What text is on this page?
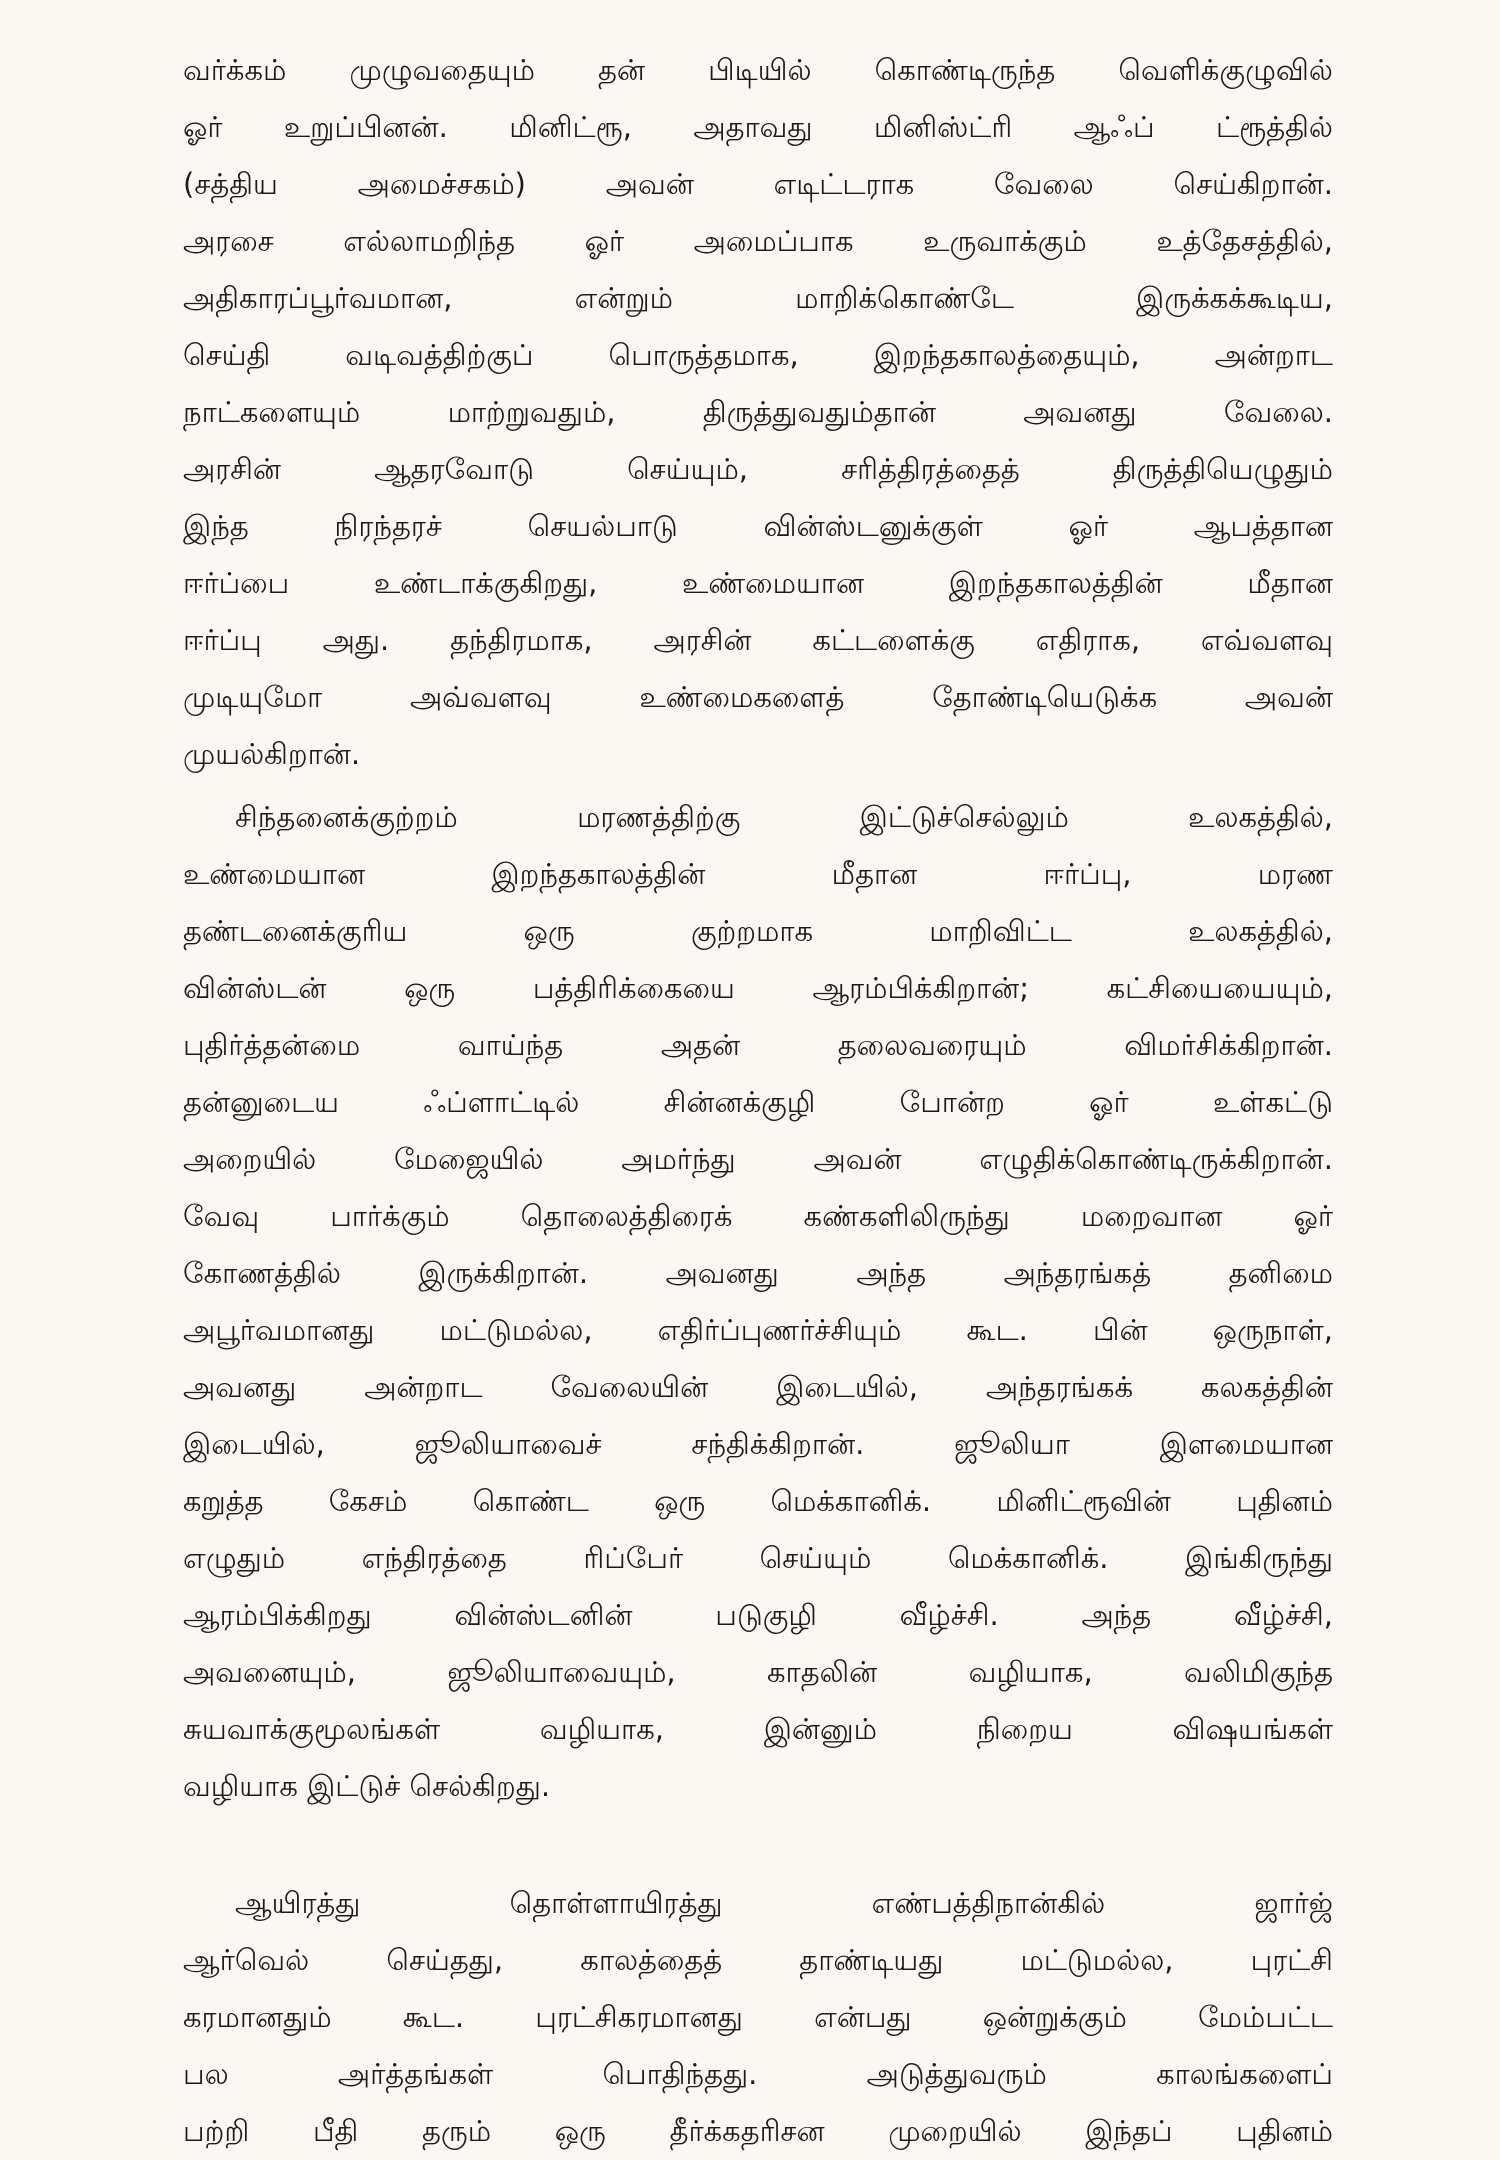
வர்க்கம் முழுவதையும் தன் பிடியில் கொண்டிருந்த வெளிக்குழுவில்
ஓர் உறுப்பினன். மினிட்ரூ, அதாவது மினிஸ்ட்ரி ஆஃப் ட்ரூத்தில்
(சத்திய அமைச்சகம்) அவன் எடிட்டராக வேலை செய்கிறான்.
அரசை எல்லாமறிந்த ஓர் அமைப்பாக உருவாக்கும் உத்தேசத்தில்,
அதிகாரப்பூர்வமான, என்றும் மாறிக்கொண்டே இருக்கக்கூடிய,
செய்தி வடிவத்திற்குப் பொருத்தமாக, இறந்தகாலத்தையும், அன்றாட
நாட்களையும் மாற்றுவதும், திருத்துவதும்தான் அவனது வேலை.
அரசின் ஆதரவோடு செய்யும், சரித்திரத்தைத் திருத்தியெழுதும்
இந்த நிரந்தரச் செயல்பாடு வின்ஸ்டனுக்குள் ஓர் ஆபத்தான
ஈர்ப்பை உண்டாக்குகிறது, உண்மையான இறந்தகாலத்தின் மீதான
ஈர்ப்பு அது. தந்திரமாக, அரசின் கட்டளைக்கு எதிராக, எவ்வளவு
முடியுமோ அவ்வளவு உண்மைகளைத் தோண்டியெடுக்க அவன்
முயல்கிறான்.
சிந்தனைக்குற்றம் மரணத்திற்கு இட்டுச்செல்லும் உலகத்தில்,
உண்மையான இறந்தகாலத்தின் மீதான ஈர்ப்பு, மரண
தண்டனைக்குரிய ஒரு குற்றமாக மாறிவிட்ட உலகத்தில்,
வின்ஸ்டன் ஒரு பத்திரிக்கையை ஆரம்பிக்கிறான்; கட்சியையையும்,
புதிர்த்தன்மை வாய்ந்த அதன் தலைவரையும் விமர்சிக்கிறான்.
தன்னுடைய ஃப்ளாட்டில் சின்னக்குழி போன்ற ஓர் உள்கட்டு
அறையில் மேஜையில் அமர்ந்து அவன் எழுதிக்கொண்டிருக்கிறான்.
வேவு பார்க்கும் தொலைத்திரைக் கண்களிலிருந்து மறைவான ஓர்
கோணத்தில் இருக்கிறான். அவனது அந்த அந்தரங்கத் தனிமை
அபூர்வமானது மட்டுமல்ல, எதிர்ப்புணர்ச்சியும் கூட. பின் ஒருநாள்,
அவனது அன்றாட வேலையின் இடையில், அந்தரங்கக் கலகத்தின்
இடையில், ஜூலியாவைச் சந்திக்கிறான். ஜூலியா இளமையான
கறுத்த கேசம் கொண்ட ஒரு மெக்கானிக். மினிட்ரூவின் புதினம்
எழுதும் எந்திரத்தை ரிப்பேர் செய்யும் மெக்கானிக். இங்கிருந்து
ஆரம்பிக்கிறது வின்ஸ்டனின் படுகுழி வீழ்ச்சி. அந்த வீழ்ச்சி,
அவனையும், ஜூலியாவையும், காதலின் வழியாக, வலிமிகுந்த
சுயவாக்குமூலங்கள் வழியாக, இன்னும் நிறைய விஷயங்கள்
வழியாக இட்டுச் செல்கிறது.
ஆயிரத்து தொள்ளாயிரத்து எண்பத்திநான்கில் ஜார்ஜ்
ஆர்வெல் செய்தது, காலத்தைத் தாண்டியது மட்டுமல்ல, புரட்சி
கரமானதும் கூட. புரட்சிகரமானது என்பது ஒன்றுக்கும் மேம்பட்ட
பல அர்த்தங்கள் பொதிந்தது. அடுத்துவரும் காலங்களைப்
பற்றி பீதி தரும் ஒரு தீர்க்கதரிசன முறையில் இந்தப் புதினம்
